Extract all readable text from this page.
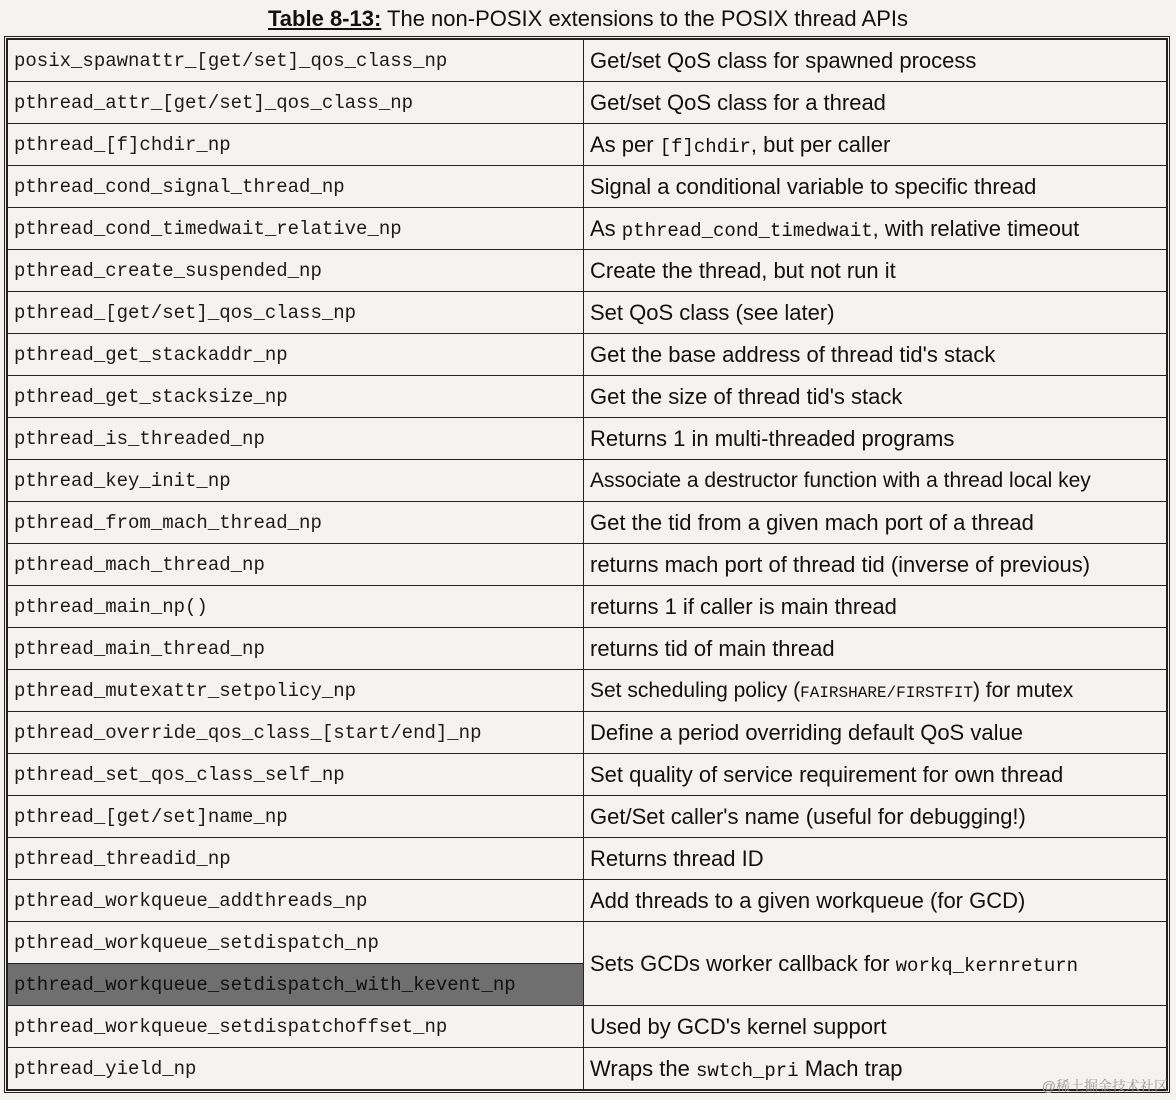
Table 8-13: The non-POSIX extensions to the POSIX thread APIs
posix_spawnattr_[get/set]_qos_class_np	Get/set QoS class for spawned process
pthread_attr_[get/set]_qos_class_np	Get/set QoS class for a thread
pthread_[f]chdir_np	As per [f]chdir, but per caller
pthread_cond_signal_thread_np	Signal a conditional variable to specific thread
pthread_cond_timedwait_relative_np	As pthread_cond_timedwait, with relative timeout
pthread_create_suspended_np	Create the thread, but not run it
pthread_[get/set]_qos_class_np	Set QoS class (see later)
pthread_get_stackaddr_np	Get the base address of thread tid's stack
pthread_get_stacksize_np	Get the size of thread tid's stack
pthread_is_threaded_np	Returns 1 in multi-threaded programs
pthread_key_init_np	Associate a destructor function with a thread local key
pthread_from_mach_thread_np	Get the tid from a given mach port of a thread
pthread_mach_thread_np	returns mach port of thread tid (inverse of previous)
pthread_main_np()	returns 1 if caller is main thread
pthread_main_thread_np	returns tid of main thread
pthread_mutexattr_setpolicy_np	Set scheduling policy (FAIRSHARE/FIRSTFIT) for mutex
pthread_override_qos_class_[start/end]_np	Define a period overriding default QoS value
pthread_set_qos_class_self_np	Set quality of service requirement for own thread
pthread_[get/set]name_np	Get/Set caller's name (useful for debugging!)
pthread_threadid_np	Returns thread ID
pthread_workqueue_addthreads_np	Add threads to a given workqueue (for GCD)
pthread_workqueue_setdispatch_np	Sets GCDs worker callback for workq_kernreturn
pthread_workqueue_setdispatch_with_kevent_np	
pthread_workqueue_setdispatchoffset_np	Used by GCD's kernel support
pthread_yield_np	Wraps the swtch_pri Mach trap
@稀土掘金技术社区
